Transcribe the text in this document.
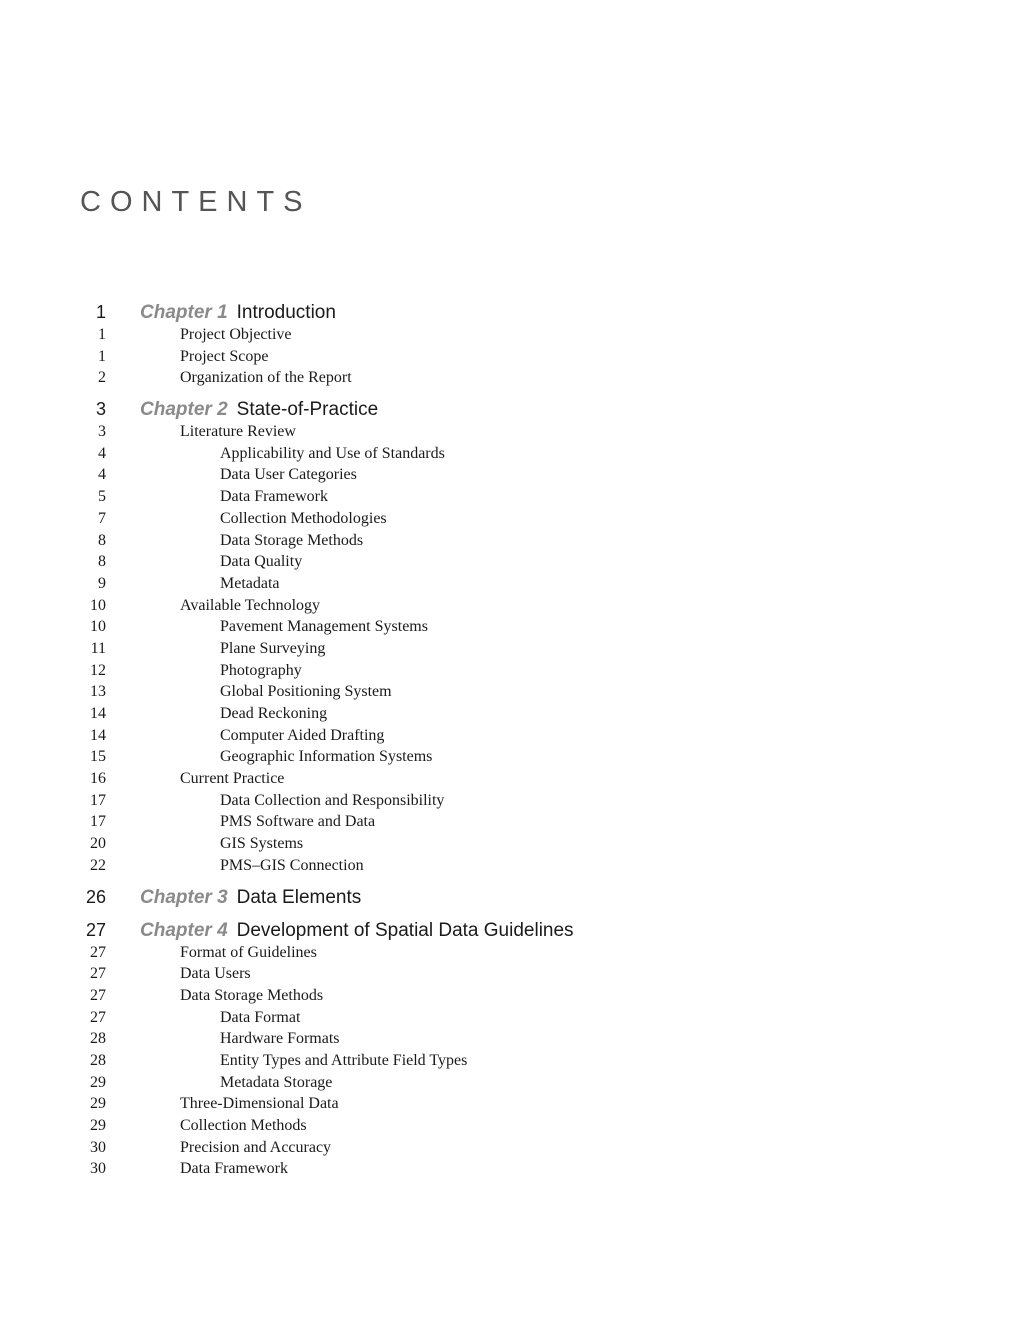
CONTENTS
1 Chapter 1 Introduction
1	Project Objective
1	Project Scope
2	Organization of the Report
3 Chapter 2 State-of-Practice
3	Literature Review
4	Applicability and Use of Standards
4	Data User Categories
5	Data Framework
7	Collection Methodologies
8	Data Storage Methods
8	Data Quality
9	Metadata
10	Available Technology
10	Pavement Management Systems
11	Plane Surveying
12	Photography
13	Global Positioning System
14	Dead Reckoning
14	Computer Aided Drafting
15	Geographic Information Systems
16	Current Practice
17	Data Collection and Responsibility
17	PMS Software and Data
20	GIS Systems
22	PMS–GIS Connection
26 Chapter 3 Data Elements
27 Chapter 4 Development of Spatial Data Guidelines
27	Format of Guidelines
27	Data Users
27	Data Storage Methods
27	Data Format
28	Hardware Formats
28	Entity Types and Attribute Field Types
29	Metadata Storage
29	Three-Dimensional Data
29	Collection Methods
30	Precision and Accuracy
30	Data Framework
